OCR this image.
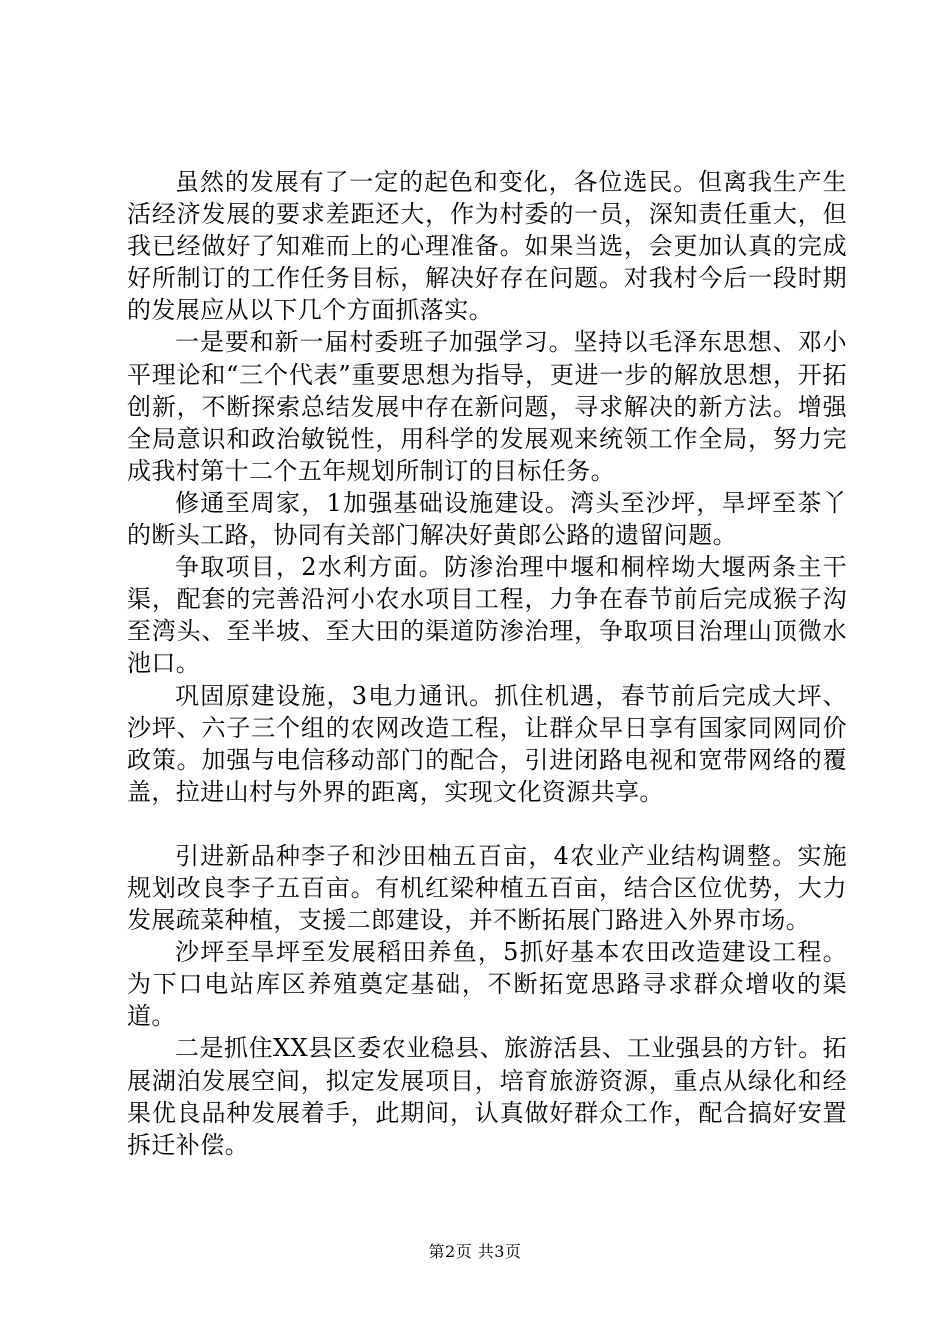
虽然的发展有了一定的起色和变化，各位选民。但离我生产生活经济发展的要求差距还大，作为村委的一员，深知责任重大，但我已经做好了知难而上的心理准备。如果当选，会更加认真的完成好所制订的工作任务目标，解决好存在问题。对我村今后一段时期的发展应从以下几个方面抓落实。

一是要和新一届村委班子加强学习。坚持以毛泽东思想、邓小平理论和“三个代表”重要思想为指导，更进一步的解放思想，开拓创新，不断探索总结发展中存在新问题，寻求解决的新方法。增强全局意识和政治敏锐性，用科学的发展观来统领工作全局，努力完成我村第十二个五年规划所制订的目标任务。

修通至周家，1加强基础设施建设。湾头至沙坪，旱坪至茶丫的断头工路，协同有关部门解决好黄郎公路的遗留问题。

争取项目，2水利方面。防渗治理中堰和桐梓坳大堰两条主干渠，配套的完善沿河小农水项目工程，力争在春节前后完成猴子沟至湾头、至半坡、至大田的渠道防渗治理，争取项目治理山顶微水池口。

巩固原建设施，3电力通讯。抓住机遇，春节前后完成大坪、沙坪、六子三个组的农网改造工程，让群众早日享有国家同网同价政策。加强与电信移动部门的配合，引进闭路电视和宽带网络的覆盖，拉进山村与外界的距离，实现文化资源共享。

引进新品种李子和沙田柚五百亩，4农业产业结构调整。实施规划改良李子五百亩。有机红梁种植五百亩，结合区位优势，大力发展疏菜种植，支援二郎建设，并不断拓展门路进入外界市场。

沙坪至旱坪至发展稻田养鱼，5抓好基本农田改造建设工程。为下口电站库区养殖奠定基础，不断拓宽思路寻求群众增收的渠道。

二是抓住XX县区委农业稳县、旅游活县、工业强县的方针。拓展湖泊发展空间，拟定发展项目，培育旅游资源，重点从绿化和经果优良品种发展着手，此期间，认真做好群众工作，配合搞好安置拆迁补偿。

第2页 共3页
